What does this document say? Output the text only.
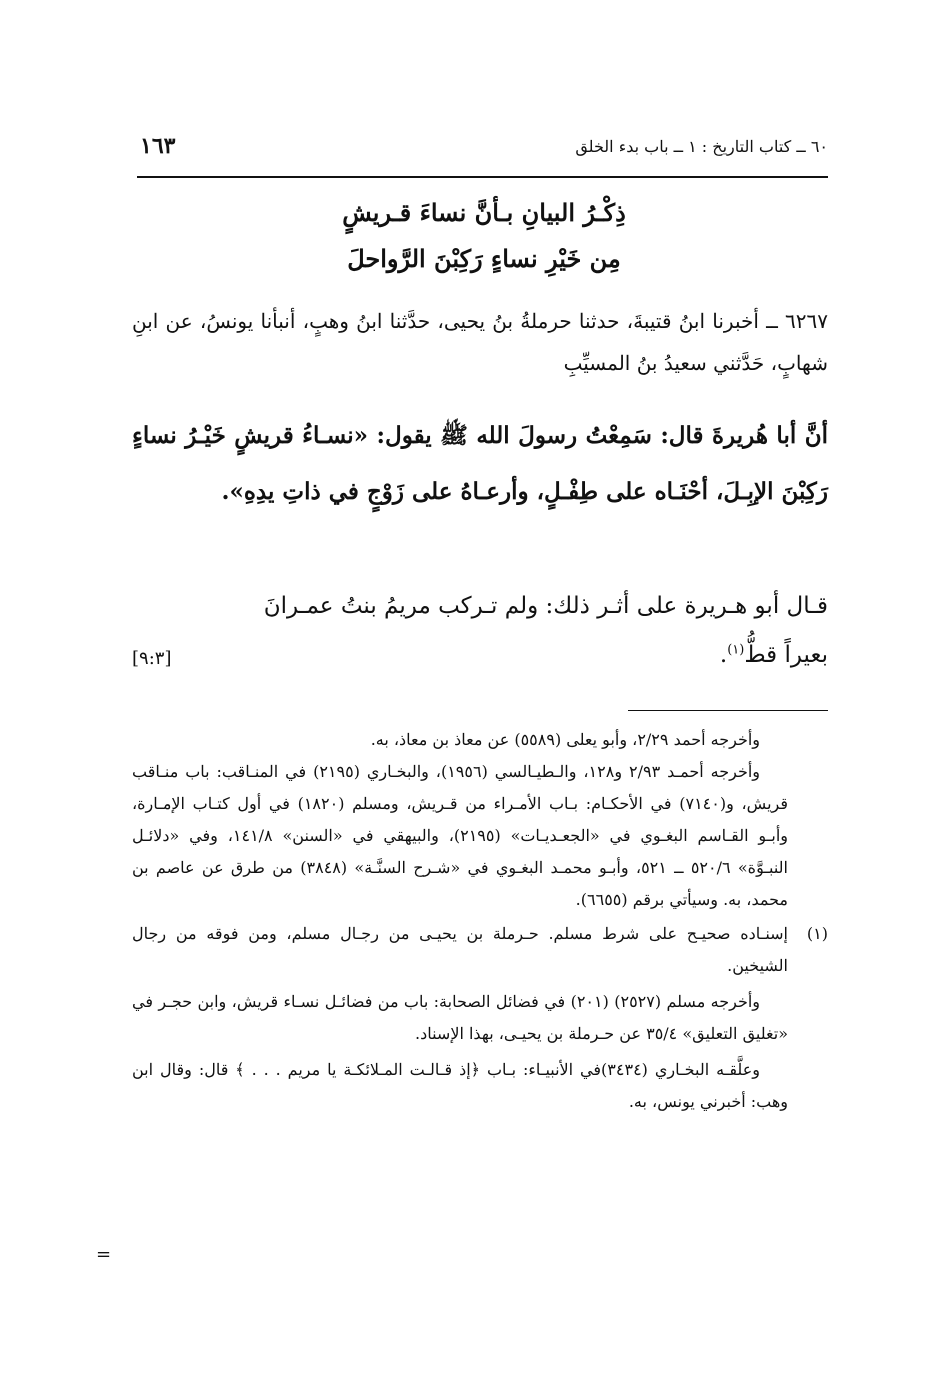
٦٠ ــ كتاب التاريخ : ١ ــ باب بدء الخلق
١٦٣
ذِكْـرُ البيانِ بـأنَّ نساءَ قـريشٍ
مِن خَيْرِ نساءٍ رَكِبْنَ الرَّواحلَ
٦٢٦٧ ــ أخبرنا ابنُ قتيبةَ، حدثنا حرملةُ بنُ يحيى، حدَّثنا ابنُ وهبٍ، أنبأنا يونسُ، عن ابنِ شهابٍ، حَدَّثني سعيدُ بنُ المسيِّبِ
أنَّ أبا هُريرةَ قال: سَمِعْتُ رسولَ الله ﷺ يقول: «نسـاءُ قريشٍ خَيْـرُ نساءٍ رَكِبْنَ الإبِـلَ، أحْنَـاه على طِفْـلٍ، وأرعـاهُ على زَوْجٍ في ذاتِ يدِهِ».
قـال أبو هـريرة على أثـر ذلك: ولم تـركب مريمُ بنتُ عمـرانَ
بعيراً قطُّ$^{(١)}$.
[٩:٣]

وأخرجه أحمد ٢/٢٩، وأبو يعلى (٥٥٨٩) عن معاذ بن معاذ، به.

وأخرجه أحمـد ٢/٩٣ و١٢٨، والـطيـالسي (١٩٥٦)، والبخـاري (٢١٩٥) في المنـاقب: باب منـاقب قريش، و(٧١٤٠) في الأحكـام: بـاب الأمـراء من قـريش، ومسلم (١٨٢٠) في أول كتـاب الإمـارة، وأبـو القـاسم البغـوي في «الجعـديـات» (٢١٩٥)، والبيهقي في «السنن» ١٤١/٨، وفي «دلائـل النبـوَّة» ٥٢٠/٦ ــ ٥٢١، وأبـو محمـد البغـوي في «شـرح السنَّـة» (٣٨٤٨) من طرق عن عاصم بن محمد، به. وسيأتي برقم (٦٦٥٥).

(١)
إسنـاده صحيـح على شرط مسلم. حـرملة بن يحيـى من رجـال مسلم، ومن فوقه من رجال الشيخين.

وأخرجه مسلم (٢٥٢٧) (٢٠١) في فضائل الصحابة: باب من فضائـل نسـاء قريش، وابن حجـر في «تغليق التعليق» ٣٥/٤ عن حـرملة بن يحيـى، بهذا الإسناد.

وعلَّقـه البخـاري (٣٤٣٤)في الأنبيـاء: بـاب ﴿إذ قـالـت المـلائكـة يا مريم . . . ﴾ قال: وقال ابن وهب: أخبرني يونس، به.

=
